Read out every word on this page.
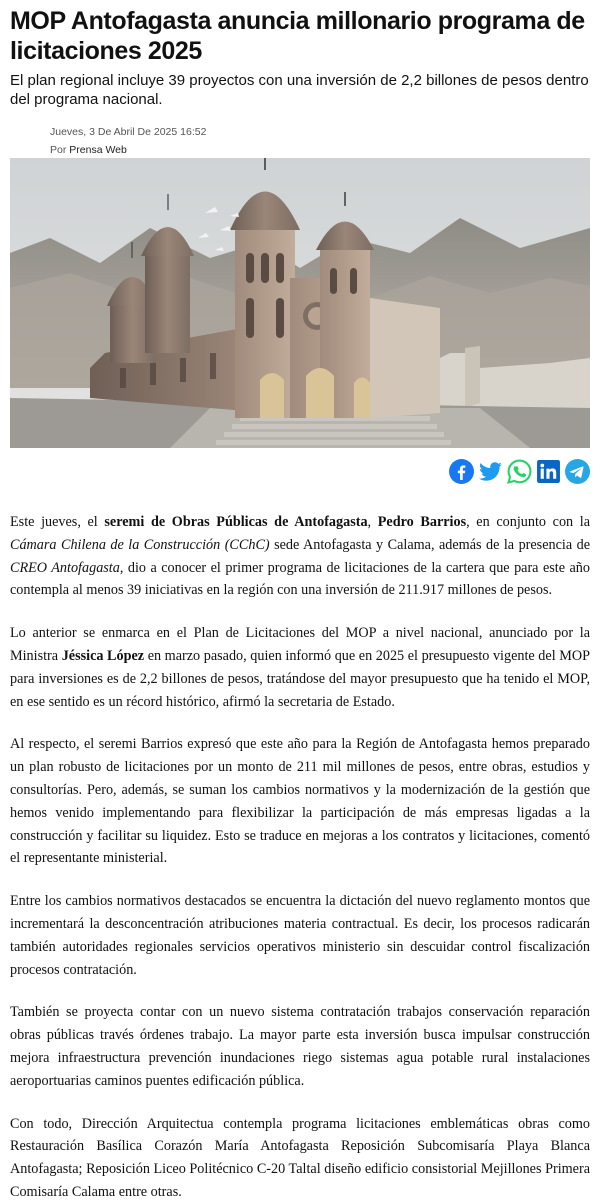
MOP Antofagasta anuncia millonario programa de licitaciones 2025

El plan regional incluye 39 proyectos con una inversión de 2,2 billones de pesos dentro del programa nacional.

Jueves, 3 De Abril De 2025 16:52
Por Prensa Web

Este jueves, el seremi de Obras Públicas de Antofagasta, Pedro Barrios, en conjunto con la Cámara Chilena de la Construcción (CChC) sede Antofagasta y Calama, además de la presencia de CREO Antofagasta, dio a conocer el primer programa de licitaciones de la cartera que para este año contempla al menos 39 iniciativas en la región con una inversión de 211.917 millones de pesos.

Lo anterior se enmarca en el Plan de Licitaciones del MOP a nivel nacional, anunciado por la Ministra Jéssica López en marzo pasado, quien informó que en 2025 el presupuesto vigente del MOP para inversiones es de 2,2 billones de pesos, tratándose del mayor presupuesto que ha tenido el MOP, en ese sentido es un récord histórico, afirmó la secretaria de Estado.

Al respecto, el seremi Barrios expresó que este año para la Región de Antofagasta hemos preparado un plan robusto de licitaciones por un monto de 211 mil millones de pesos, entre obras, estudios y consultorías. Pero, además, se suman los cambios normativos y la modernización de la gestión que hemos venido implementando para flexibilizar la participación de más empresas ligadas a la construcción y facilitar su liquidez. Esto se traduce en mejoras a los contratos y licitaciones, comentó el representante ministerial.

Entre los cambios normativos destacados se encuentra la dictación del nuevo reglamento montos que incrementará la desconcentración atribuciones materia contractual. Es decir, los procesos radicarán también autoridades regionales servicios operativos ministerio sin descuidar control fiscalización procesos contratación.

También se proyecta contar con un nuevo sistema contratación trabajos conservación reparación obras públicas través órdenes trabajo. La mayor parte esta inversión busca impulsar construcción mejora infraestructura prevención inundaciones riego sistemas agua potable rural instalaciones aeroportuarias caminos puentes edificación pública.

Con todo, Dirección Arquitectua contempla programa licitaciones emblemáticas obras como Restauración Basílica Corazón María Antofagasta Reposición Subcomisaría Playa Blanca Antofagasta; Reposición Liceo Politécnico C-20 Taltal diseño edificio consistorial Mejillones Primera Comisaría Calama entre otras.
